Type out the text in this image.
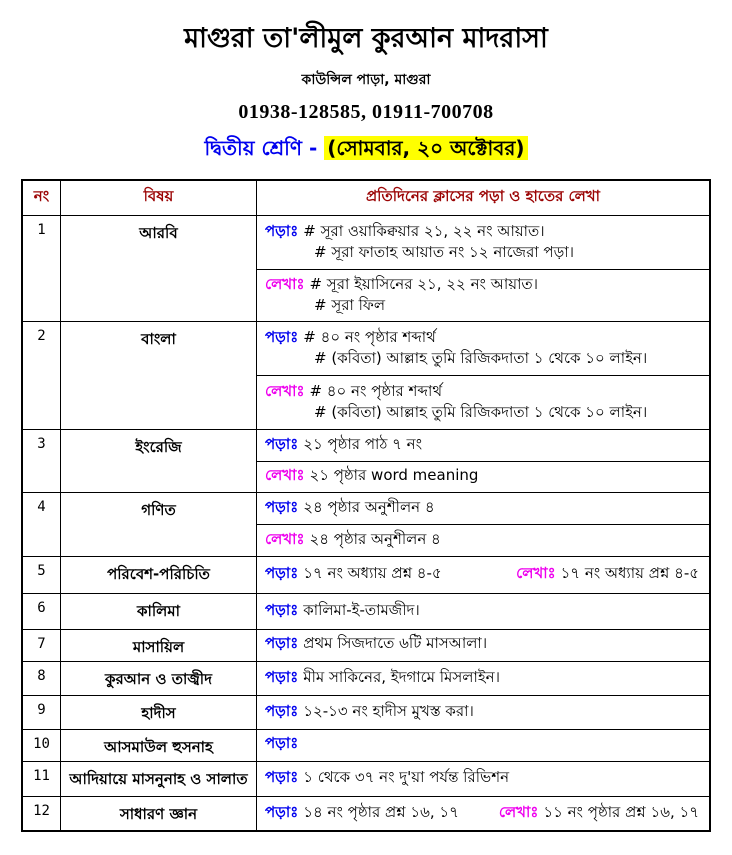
মাগুরা তা'লীমুল কুরআন মাদরাসা
কাউন্সিল পাড়া, মাগুরা
01938-128585, 01911-700708
দ্বিতীয় শ্রেণি - (সোমবার, ২০ অক্টোবর)
নং	বিষয়	প্রতিদিনের ক্লাসের পড়া ও হাতের লেখা
1	আরবি	পড়াঃ # সূরা ওয়াকিক্বয়ার ২১, ২২ নং আয়াত।
# সূরা ফাতাহ আয়াত নং ১২ নাজেরা পড়া।
লেখাঃ # সূরা ইয়াসিনের ২১, ২২ নং আয়াত।
# সূরা ফিল
2	বাংলা	পড়াঃ # ৪০ নং পৃষ্ঠার শব্দার্থ
# (কবিতা) আল্লাহ তুমি রিজিকদাতা ১ থেকে ১০ লাইন।
লেখাঃ # ৪০ নং পৃষ্ঠার শব্দার্থ
# (কবিতা) আল্লাহ তুমি রিজিকদাতা ১ থেকে ১০ লাইন।
3	ইংরেজি	পড়াঃ ২১ পৃষ্ঠার পাঠ ৭ নং
লেখাঃ ২১ পৃষ্ঠার word meaning
4	গণিত	পড়াঃ ২৪ পৃষ্ঠার অনুশীলন ৪
লেখাঃ ২৪ পৃষ্ঠার অনুশীলন ৪
5	পরিবেশ-পরিচিতি	পড়াঃ ১৭ নং অধ্যায় প্রশ্ন ৪-৫	লেখাঃ ১৭ নং অধ্যায় প্রশ্ন ৪-৫
6	কালিমা	পড়াঃ কালিমা-ই-তামজীদ।
7	মাসায়িল	পড়াঃ প্রথম সিজদাতে ৬টি মাসআলা।
8	কুরআন ও তাজ্বীদ	পড়াঃ মীম সাকিনের, ইদগামে মিসলাইন।
9	হাদীস	পড়াঃ ১২-১৩ নং হাদীস মুখস্ত করা।
10	আসমাউল হুসনাহ	পড়াঃ
11	আদিয়ায়ে মাসনুনাহ ও সালাত	পড়াঃ ১ থেকে ৩৭ নং দু'য়া পর্যন্ত রিভিশন
12	সাধারণ জ্ঞান	পড়াঃ ১৪ নং পৃষ্ঠার প্রশ্ন ১৬, ১৭	লেখাঃ ১১ নং পৃষ্ঠার প্রশ্ন ১৬, ১৭
